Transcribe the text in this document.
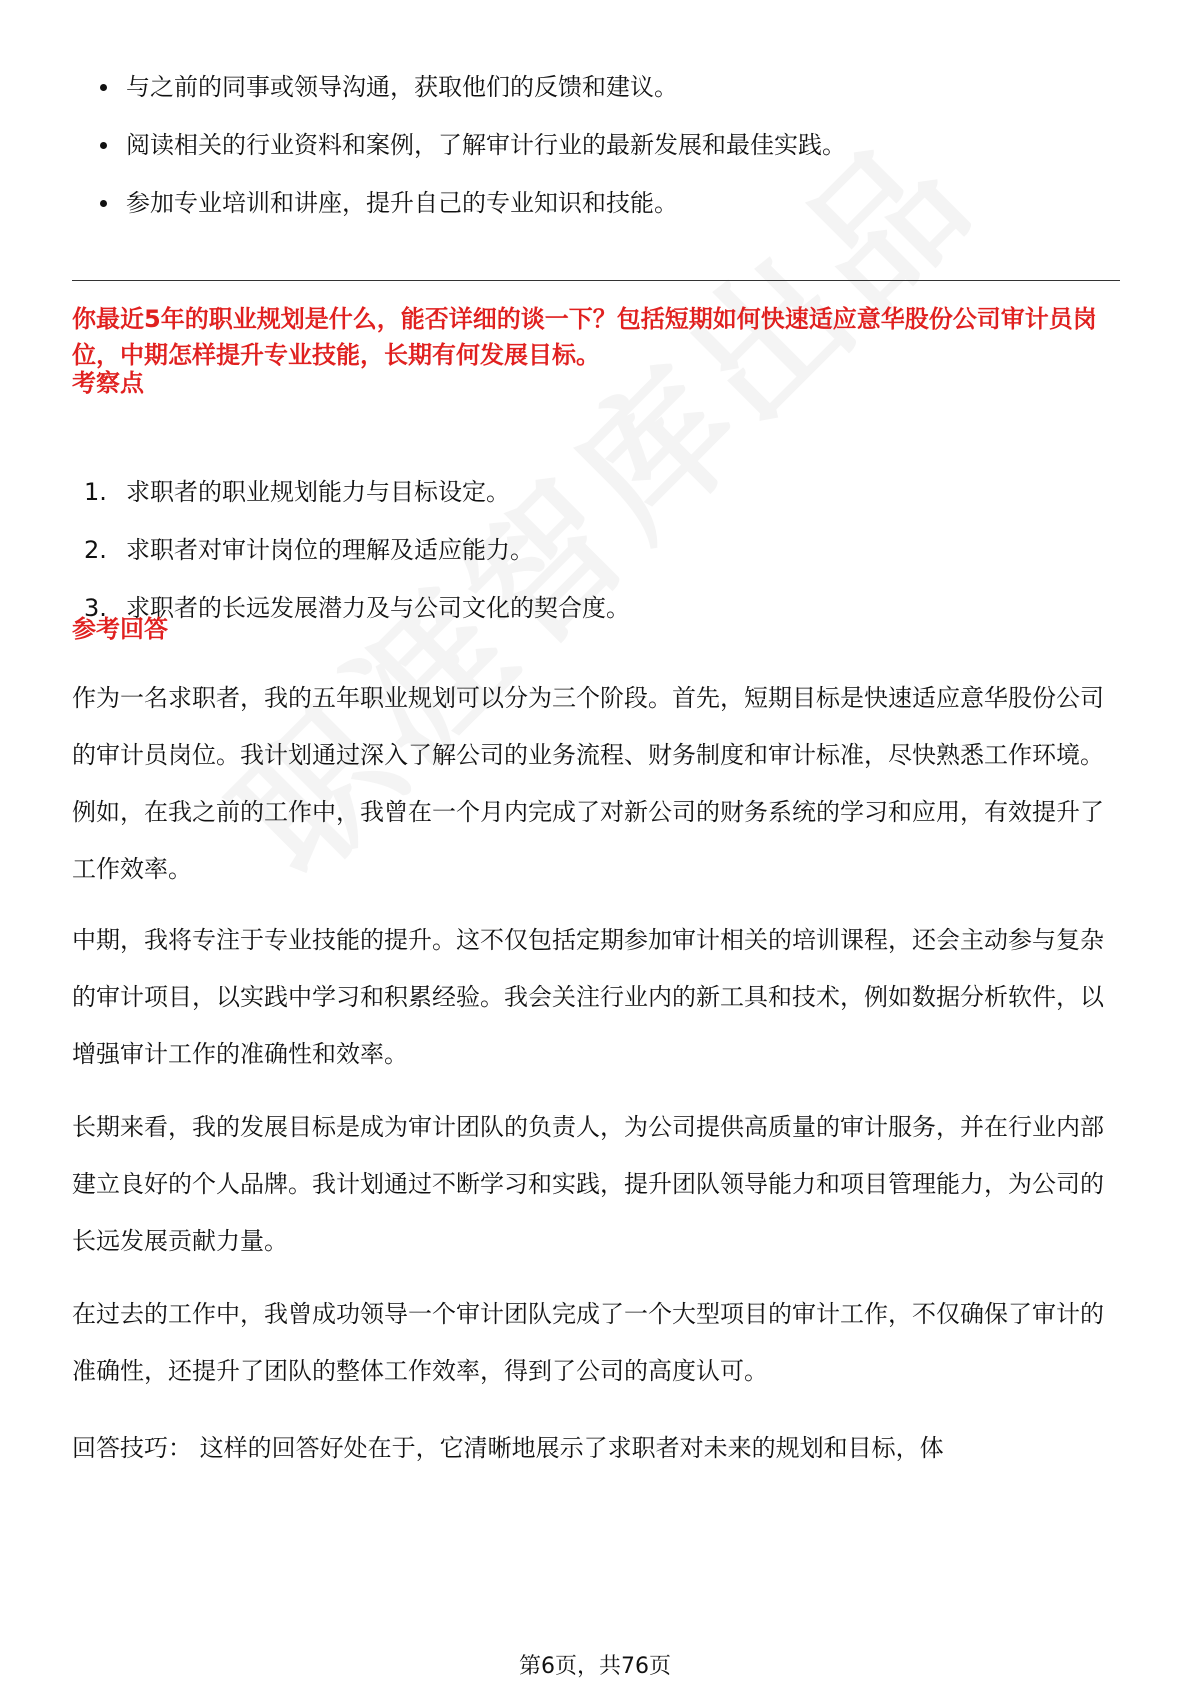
与之前的同事或领导沟通，获取他们的反馈和建议。
阅读相关的行业资料和案例，了解审计行业的最新发展和最佳实践。
参加专业培训和讲座，提升自己的专业知识和技能。
你最近5年的职业规划是什么，能否详细的谈一下？包括短期如何快速适应意华股份公司审计员岗位，中期怎样提升专业技能，长期有何发展目标。
考察点
1. 求职者的职业规划能力与目标设定。
2. 求职者对审计岗位的理解及适应能力。
3. 求职者的长远发展潜力及与公司文化的契合度。
参考回答
作为一名求职者，我的五年职业规划可以分为三个阶段。首先，短期目标是快速适应意华股份公司的审计员岗位。我计划通过深入了解公司的业务流程、财务制度和审计标准，尽快熟悉工作环境。例如，在我之前的工作中，我曾在一个月内完成了对新公司的财务系统的学习和应用，有效提升了工作效率。
中期，我将专注于专业技能的提升。这不仅包括定期参加审计相关的培训课程，还会主动参与复杂的审计项目，以实践中学习和积累经验。我会关注行业内的新工具和技术，例如数据分析软件，以增强审计工作的准确性和效率。
长期来看，我的发展目标是成为审计团队的负责人，为公司提供高质量的审计服务，并在行业内部建立良好的个人品牌。我计划通过不断学习和实践，提升团队领导能力和项目管理能力，为公司的长远发展贡献力量。
在过去的工作中，我曾成功领导一个审计团队完成了一个大型项目的审计工作，不仅确保了审计的准确性，还提升了团队的整体工作效率，得到了公司的高度认可。
回答技巧： 这样的回答好处在于，它清晰地展示了求职者对未来的规划和目标，体
第6页，共76页
